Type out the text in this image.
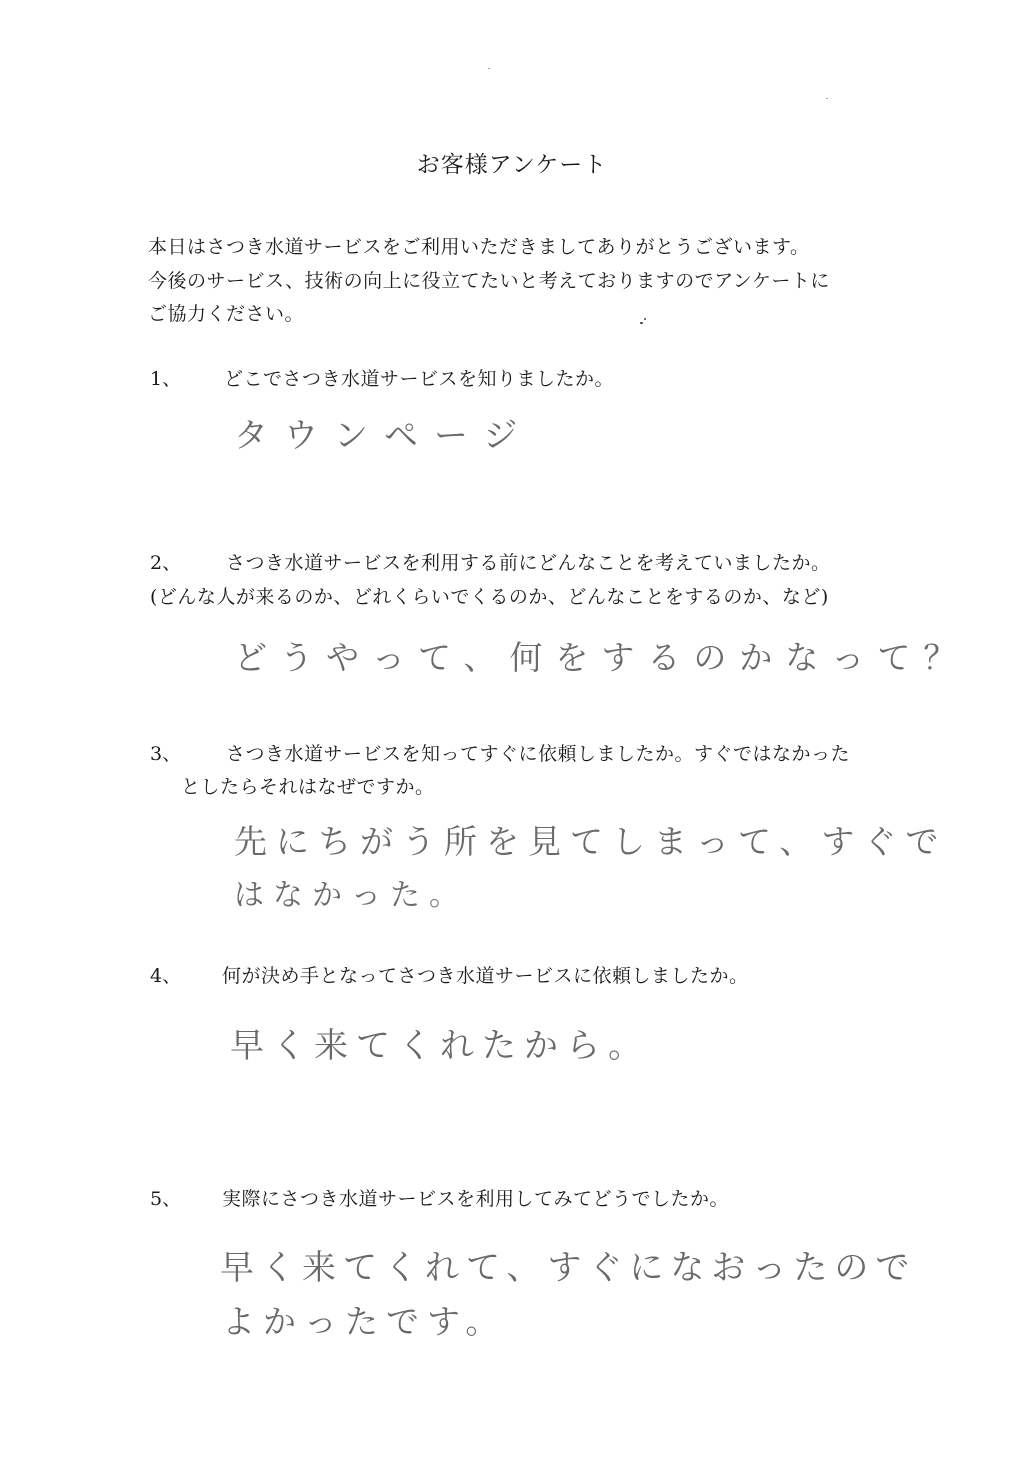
お客様アンケート
本日はさつき水道サービスをご利用いただきましてありがとうございます。
今後のサービス、技術の向上に役立てたいと考えておりますのでアンケートに
ご協力ください。
1、 どこでさつき水道サービスを知りましたか。
タウンページ
2、 さつき水道サービスを利用する前にどんなことを考えていましたか。
(どんな人が来るのか、どれくらいでくるのか、どんなことをするのか、など)
どうやって、何をするのかなって？
3、 さつき水道サービスを知ってすぐに依頼しましたか。すぐではなかった
としたらそれはなぜですか。
先にちがう所を見てしまって、すぐで
はなかった。
4、 何が決め手となってさつき水道サービスに依頼しましたか。
早く来てくれたから。
5、 実際にさつき水道サービスを利用してみてどうでしたか。
早く来てくれて、すぐになおったので
よかったです。
